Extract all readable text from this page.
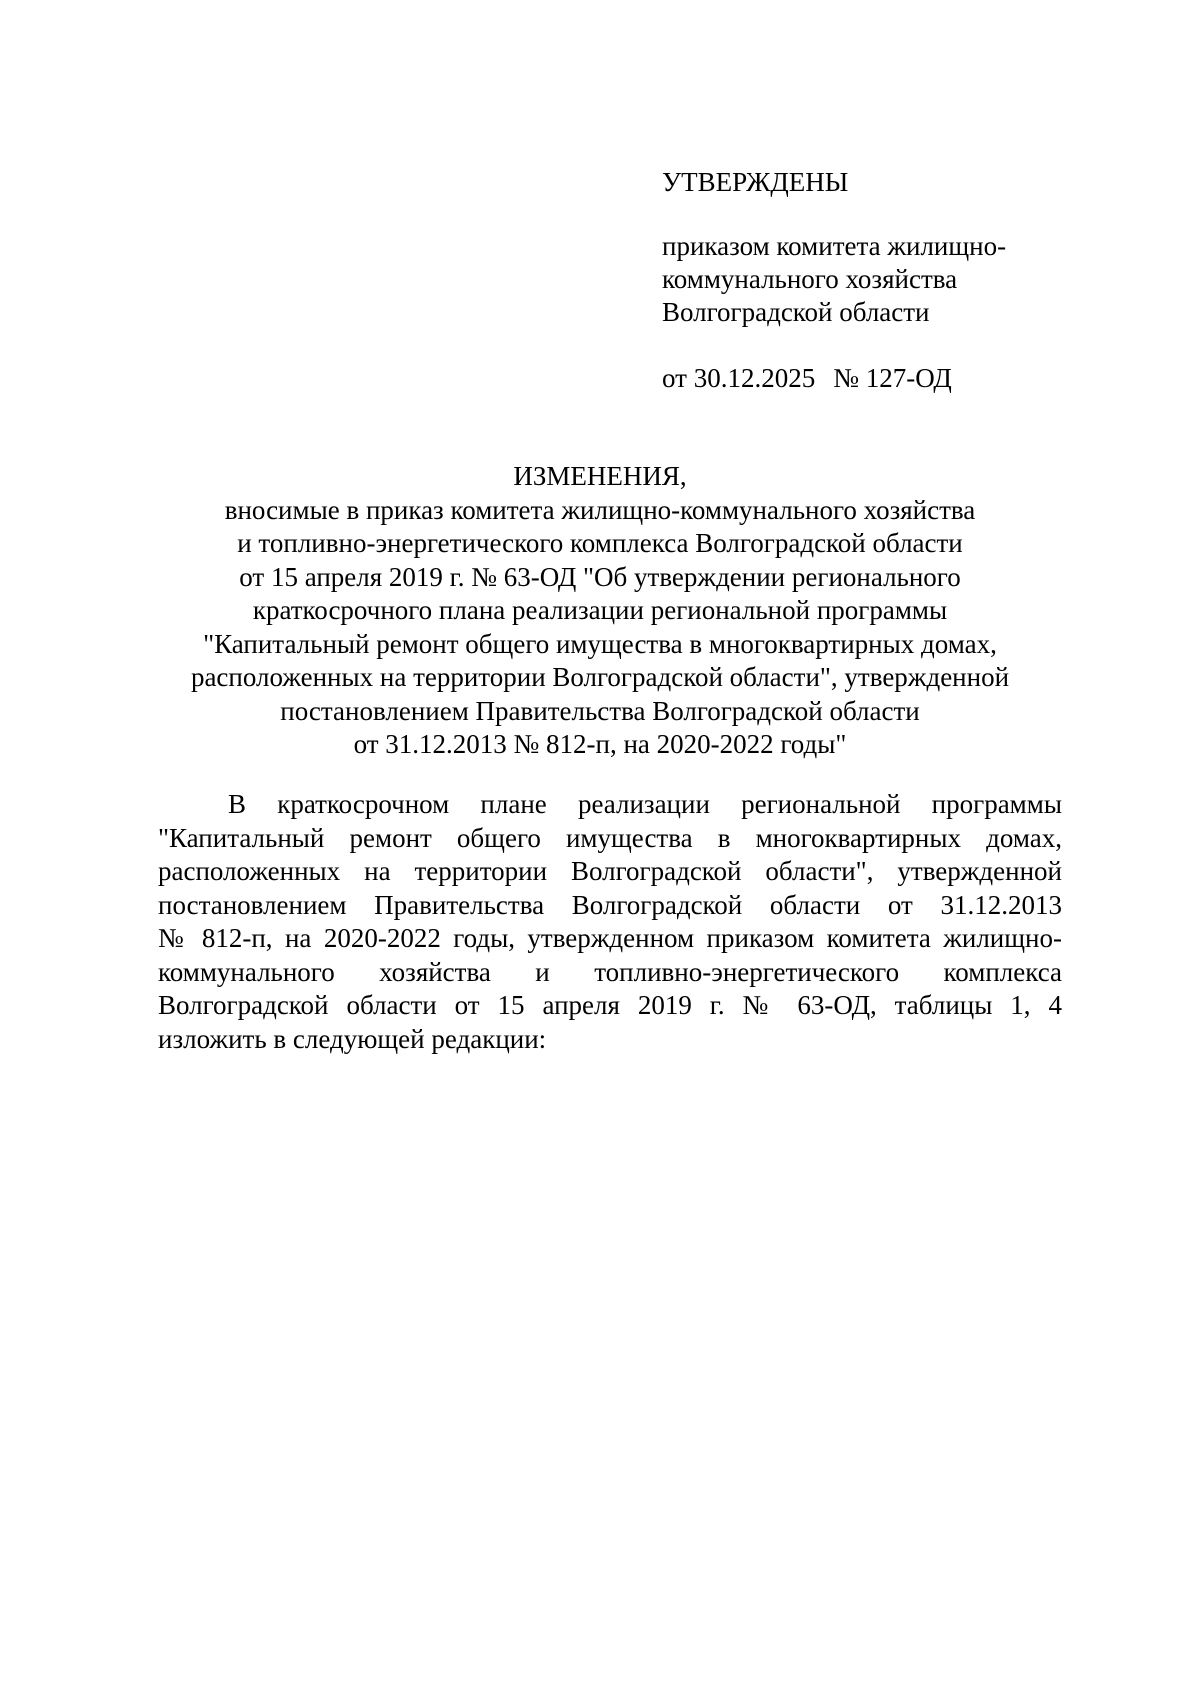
УТВЕРЖДЕНЫ
приказом комитета жилищно-
коммунального хозяйства
Волгоградской области
от 30.12.2025 № 127-ОД
ИЗМЕНЕНИЯ,
вносимые в приказ комитета жилищно-коммунального хозяйства
и топливно-энергетического комплекса Волгоградской области
от 15 апреля 2019 г. № 63-ОД "Об утверждении регионального
краткосрочного плана реализации региональной программы
"Капитальный ремонт общего имущества в многоквартирных домах,
расположенных на территории Волгоградской области", утвержденной
постановлением Правительства Волгоградской области
от 31.12.2013 № 812-п, на 2020-2022 годы"
В краткосрочном плане реализации региональной программы
"Капитальный ремонт общего имущества в многоквартирных домах,
расположенных на территории Волгоградской области", утвержденной
постановлением Правительства Волгоградской области от 31.12.2013
№ 812-п, на 2020-2022 годы, утвержденном приказом комитета жилищно-
коммунального хозяйства и топливно-энергетического комплекса
Волгоградской области от 15 апреля 2019 г. № 63-ОД, таблицы 1, 4
изложить в следующей редакции:
